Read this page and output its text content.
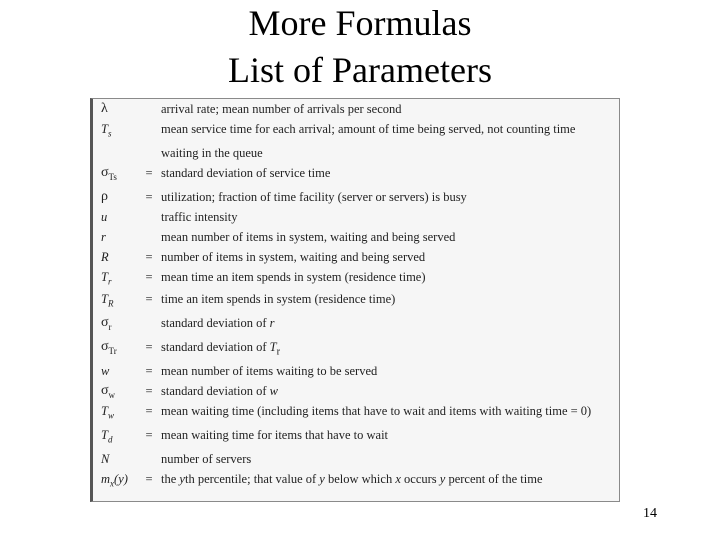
More Formulas
List of Parameters
λ	arrival rate; mean number of arrivals per second
$T_s$	mean service time for each arrival; amount of time being served, not counting time
waiting in the queue
$\sigma_{Ts}$	= standard deviation of service time
ρ	= utilization; fraction of time facility (server or servers) is busy
u	traffic intensity
r	mean number of items in system, waiting and being served
R	= number of items in system, waiting and being served
$T_r$	= mean time an item spends in system (residence time)
$T_R$	= time an item spends in system (residence time)
$\sigma_r$	standard deviation of r
$\sigma_{Tr}$	= standard deviation of $T_r$
w	= mean number of items waiting to be served
$\sigma_w$	= standard deviation of w
$T_w$	= mean waiting time (including items that have to wait and items with waiting time = 0)
$T_d$	= mean waiting time for items that have to wait
N	number of servers
$m_x(y)$	= the yth percentile; that value of y below which x occurs y percent of the time
14
